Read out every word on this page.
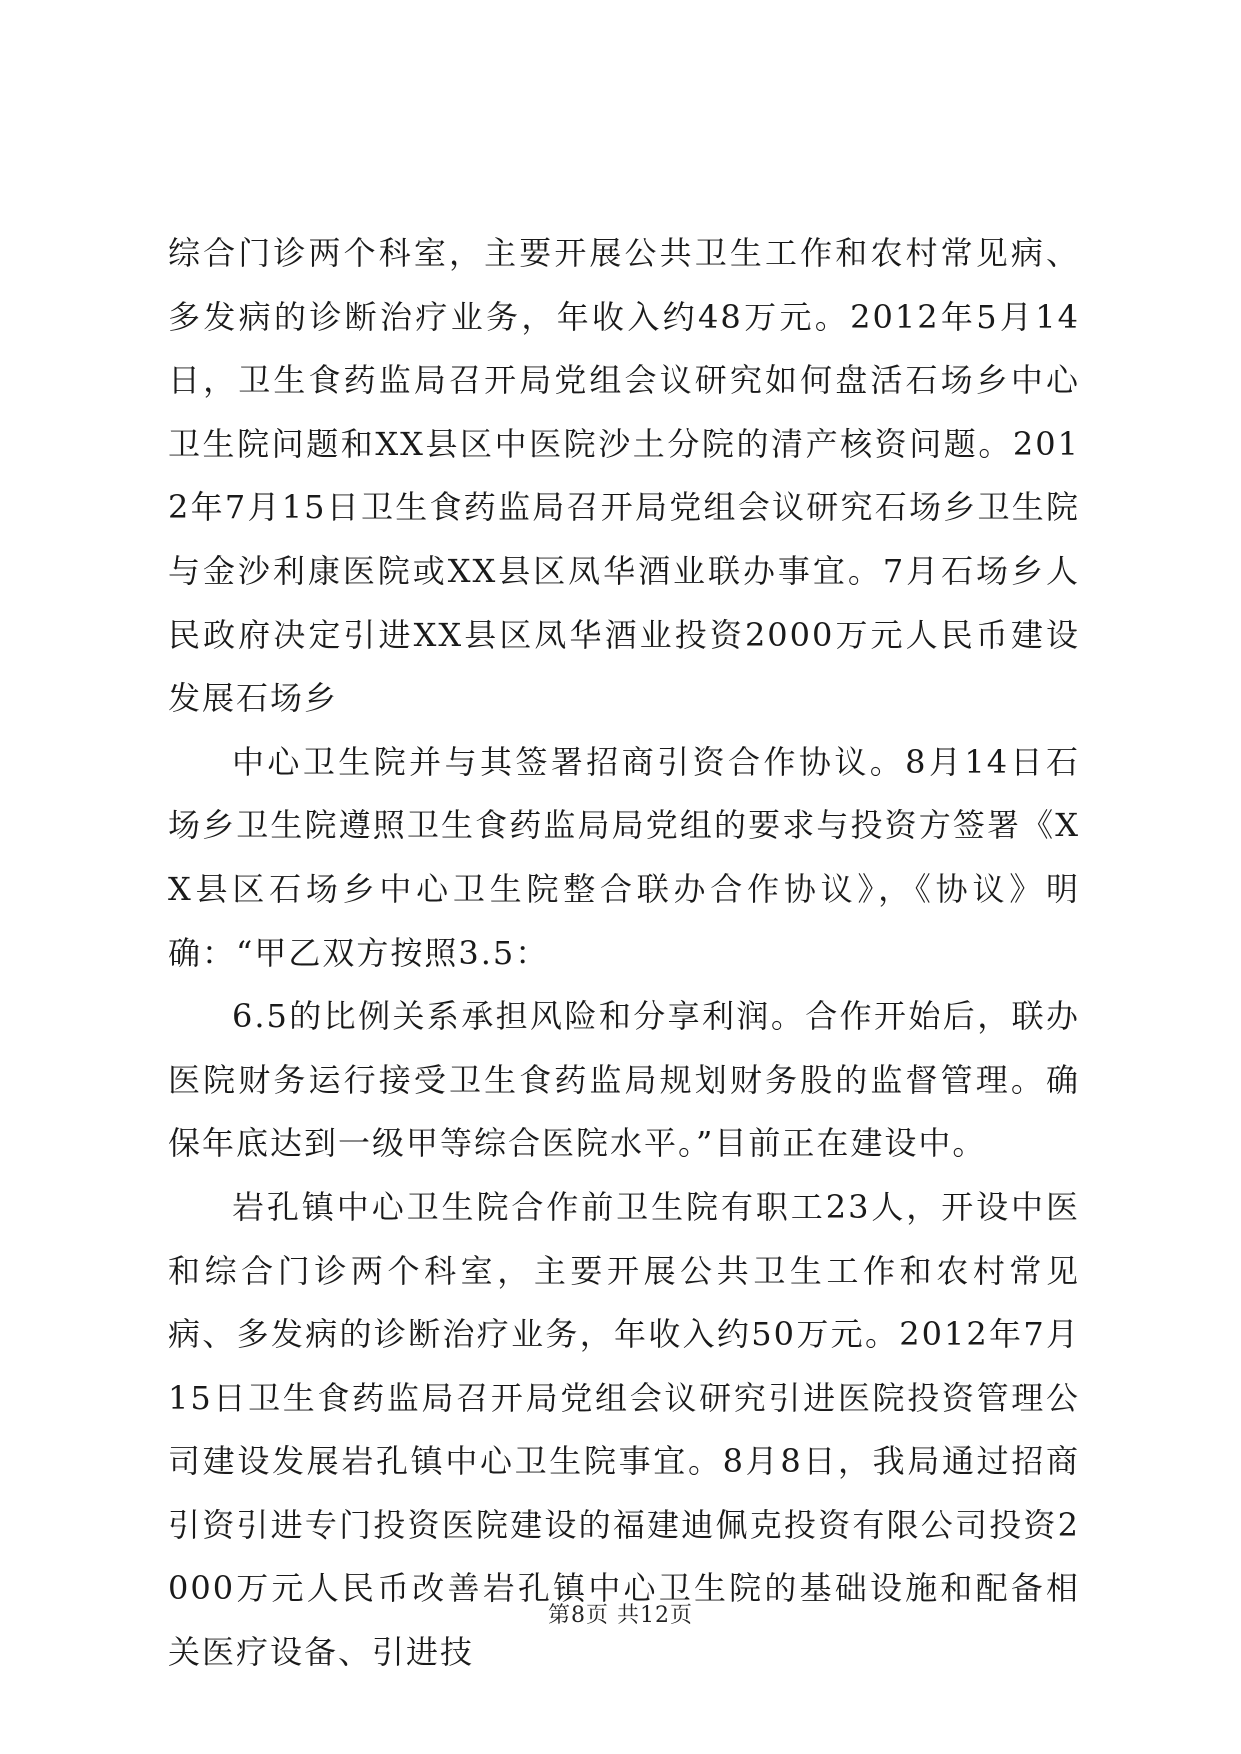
综合门诊两个科室，主要开展公共卫生工作和农村常见病、多发病的诊断治疗业务，年收入约48万元。2012年5月14日，卫生食药监局召开局党组会议研究如何盘活石场乡中心卫生院问题和XX县区中医院沙土分院的清产核资问题。2012年7月15日卫生食药监局召开局党组会议研究石场乡卫生院与金沙利康医院或XX县区凤华酒业联办事宜。7月石场乡人民政府决定引进XX县区凤华酒业投资2000万元人民币建设发展石场乡

中心卫生院并与其签署招商引资合作协议。8月14日石场乡卫生院遵照卫生食药监局局党组的要求与投资方签署《XX县区石场乡中心卫生院整合联办合作协议》，《协议》明确：“甲乙双方按照3.5：

6.5的比例关系承担风险和分享利润。合作开始后，联办医院财务运行接受卫生食药监局规划财务股的监督管理。确保年底达到一级甲等综合医院水平。”目前正在建设中。

岩孔镇中心卫生院合作前卫生院有职工23人，开设中医和综合门诊两个科室，主要开展公共卫生工作和农村常见病、多发病的诊断治疗业务，年收入约50万元。2012年7月15日卫生食药监局召开局党组会议研究引进医院投资管理公司建设发展岩孔镇中心卫生院事宜。8月8日，我局通过招商引资引进专门投资医院建设的福建迪佩克投资有限公司投资2000万元人民币改善岩孔镇中心卫生院的基础设施和配备相关医疗设备、引进技

第8页 共12页
